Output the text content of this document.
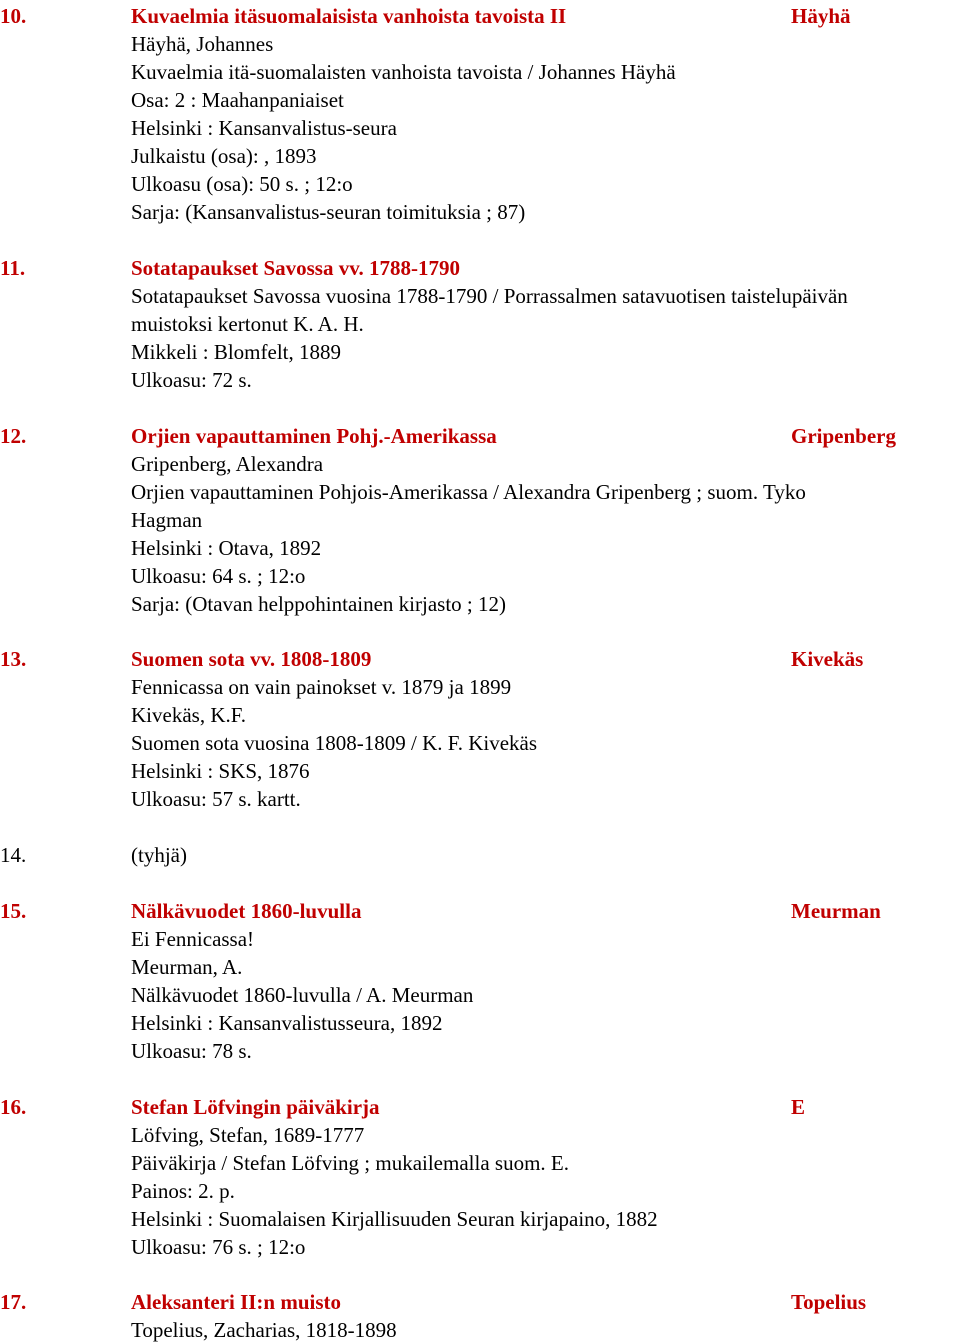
10.	Kuvaelmia itäsuomalaisista vanhoista tavoista II	Häyhä
Häyhä, Johannes
Kuvaelmia itä-suomalaisten vanhoista tavoista / Johannes Häyhä
Osa: 2 : Maahanpaniaiset
Helsinki : Kansanvalistus-seura
Julkaistu (osa): , 1893
Ulkoasu (osa): 50 s. ; 12:o
Sarja: (Kansanvalistus-seuran toimituksia ; 87)
11.	Sotatapaukset Savossa vv. 1788-1790
Sotatapaukset Savossa vuosina 1788-1790 / Porrassalmen satavuotisen taistelupäivän
muistoksi kertonut K. A. H.
Mikkeli : Blomfelt, 1889
Ulkoasu: 72 s.
12.	Orjien vapauttaminen Pohj.-Amerikassa	Gripenberg
Gripenberg, Alexandra
Orjien vapauttaminen Pohjois-Amerikassa / Alexandra Gripenberg ; suom. Tyko
Hagman
Helsinki : Otava, 1892
Ulkoasu: 64 s. ; 12:o
Sarja: (Otavan helppohintainen kirjasto ; 12)
13.	Suomen sota vv. 1808-1809	Kivekäs
Fennicassa on vain painokset v. 1879 ja 1899
Kivekäs, K.F.
Suomen sota vuosina 1808-1809 / K. F. Kivekäs
Helsinki : SKS, 1876
Ulkoasu: 57 s. kartt.
14.	(tyhjä)
15.	Nälkävuodet 1860-luvulla	Meurman
Ei Fennicassa!
Meurman, A.
Nälkävuodet 1860-luvulla / A. Meurman
Helsinki : Kansanvalistusseura, 1892
Ulkoasu: 78 s.
16.	Stefan Löfvingin päiväkirja	E
Löfving, Stefan, 1689-1777
Päiväkirja / Stefan Löfving ; mukailemalla suom. E.
Painos: 2. p.
Helsinki : Suomalaisen Kirjallisuuden Seuran kirjapaino, 1882
Ulkoasu: 76 s. ; 12:o
17.	Aleksanteri II:n muisto	Topelius
Topelius, Zacharias, 1818-1898
